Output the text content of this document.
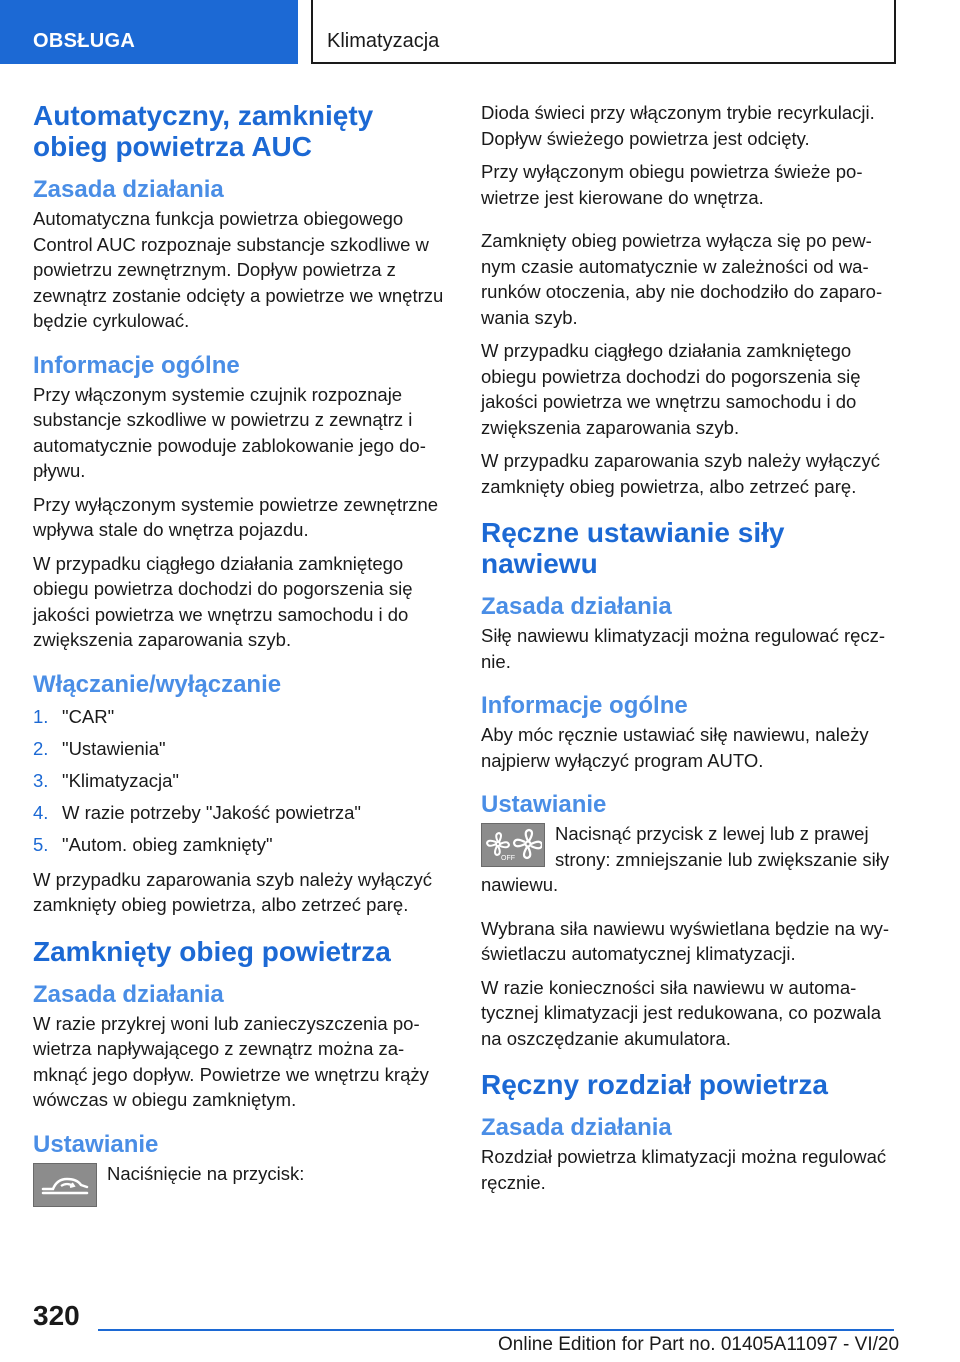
OBSŁUGA	Klimatyzacja
Automatyczny, zamknięty obieg powietrza AUC
Zasada działania

Automatyczna funkcja powietrza obiegowego Control AUC rozpoznaje substancje szkodliwe w powietrzu zewnętrznym. Dopływ powietrza z zewnątrz zostanie odcięty a powietrze we wnętrzu będzie cyrkulować.

Informacje ogólne

Przy włączonym systemie czujnik rozpoznaje substancje szkodliwe w powietrzu z zewnątrz i automatycznie powoduje zablokowanie jego dopływu.

Przy wyłączonym systemie powietrze zewnętrzne wpływa stale do wnętrza pojazdu.

W przypadku ciągłego działania zamkniętego obiegu powietrza dochodzi do pogorszenia się jakości powietrza we wnętrzu samochodu i do zwiększenia zaparowania szyb.

Włączanie/wyłączanie
1. "CAR"
2. "Ustawienia"
3. "Klimatyzacja"
4. W razie potrzeby "Jakość powietrza"
5. "Autom. obieg zamknięty"

W przypadku zaparowania szyb należy wyłączyć zamknięty obieg powietrza, albo zetrzeć parę.

Zamknięty obieg powietrza
Zasada działania

W razie przykrej woni lub zanieczyszczenia powietrza napływającego z zewnątrz można zamknąć jego dopływ. Powietrze we wnętrzu krąży wówczas w obiegu zamkniętym.

Ustawianie

Naciśnięcie na przycisk:

Dioda świeci przy włączonym trybie recyrkulacji. Dopływ świeżego powietrza jest odcięty.

Przy wyłączonym obiegu powietrza świeże powietrze jest kierowane do wnętrza.

Zamknięty obieg powietrza wyłącza się po pewnym czasie automatycznie w zależności od warunków otoczenia, aby nie dochodziło do zaparowania szyb.

W przypadku ciągłego działania zamkniętego obiegu powietrza dochodzi do pogorszenia się jakości powietrza we wnętrzu samochodu i do zwiększenia zaparowania szyb.

W przypadku zaparowania szyb należy wyłączyć zamknięty obieg powietrza, albo zetrzeć parę.

Ręczne ustawianie siły nawiewu
Zasada działania

Siłę nawiewu klimatyzacji można regulować ręcznie.

Informacje ogólne

Aby móc ręcznie ustawiać siłę nawiewu, należy najpierw wyłączyć program AUTO.

Ustawianie
OFF

Nacisnąć przycisk z lewej lub z prawej strony: zmniejszanie lub zwiększanie siły nawiewu.

Wybrana siła nawiewu wyświetlana będzie na wyświetlaczu automatycznej klimatyzacji.

W razie konieczności siła nawiewu w automatycznej klimatyzacji jest redukowana, co pozwala na oszczędzanie akumulatora.

Ręczny rozdział powietrza
Zasada działania

Rozdział powietrza klimatyzacji można regulować ręcznie.

320
Online Edition for Part no. 01405A11097 - VI/20
